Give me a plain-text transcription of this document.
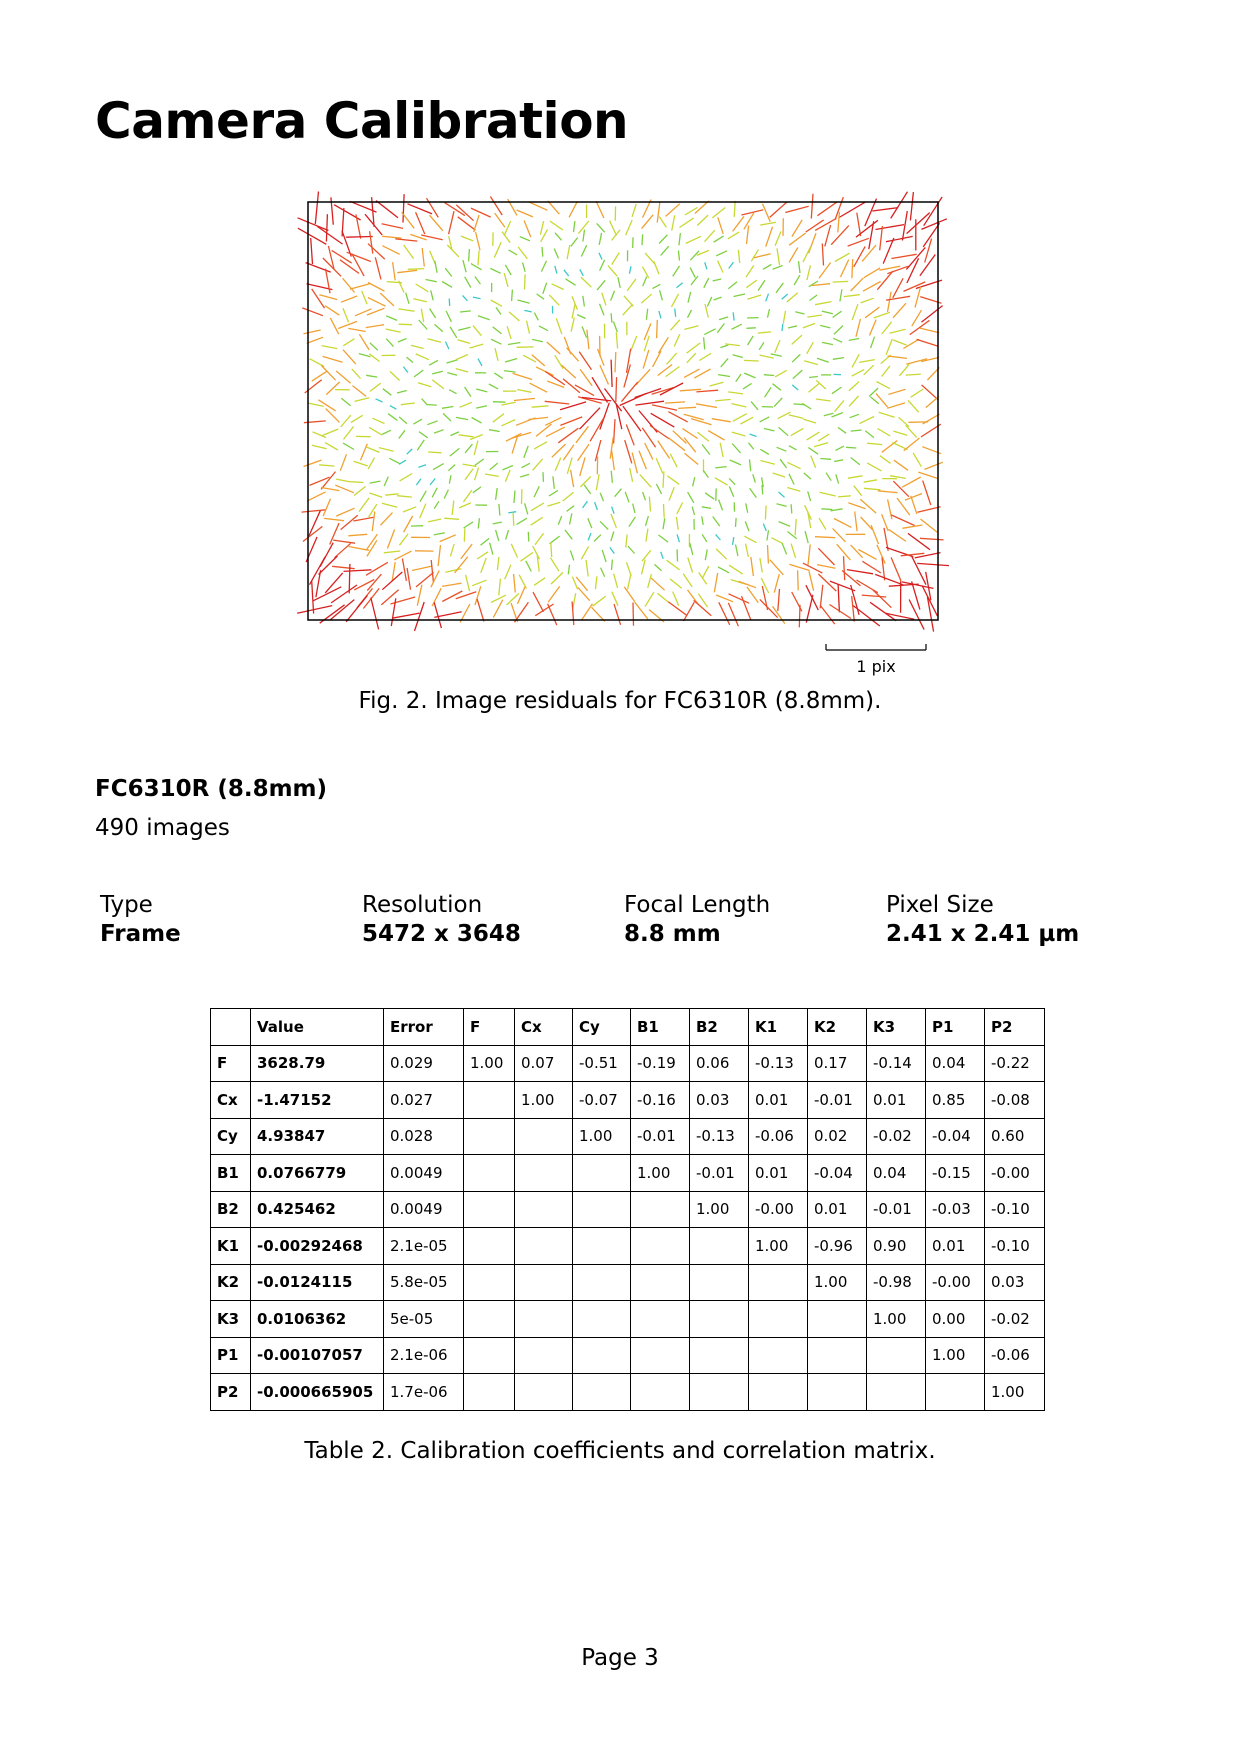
Camera Calibration
1 pix
Fig. 2. Image residuals for FC6310R (8.8mm).
FC6310R (8.8mm)
490 images
Type
Frame
Resolution
5472 x 3648
Focal Length
8.8 mm
Pixel Size
2.41 x 2.41 µm
	Value	Error	F	Cx	Cy	B1	B2	K1	K2	K3	P1	P2
F	3628.79	0.029	1.00	0.07	-0.51	-0.19	0.06	-0.13	0.17	-0.14	0.04	-0.22
Cx	-1.47152	0.027		1.00	-0.07	-0.16	0.03	0.01	-0.01	0.01	0.85	-0.08
Cy	4.93847	0.028			1.00	-0.01	-0.13	-0.06	0.02	-0.02	-0.04	0.60
B1	0.0766779	0.0049				1.00	-0.01	0.01	-0.04	0.04	-0.15	-0.00
B2	0.425462	0.0049					1.00	-0.00	0.01	-0.01	-0.03	-0.10
K1	-0.00292468	2.1e-05						1.00	-0.96	0.90	0.01	-0.10
K2	-0.0124115	5.8e-05							1.00	-0.98	-0.00	0.03
K3	0.0106362	5e-05								1.00	0.00	-0.02
P1	-0.00107057	2.1e-06									1.00	-0.06
P2	-0.000665905	1.7e-06										1.00
Table 2. Calibration coefficients and correlation matrix.
Page 3
